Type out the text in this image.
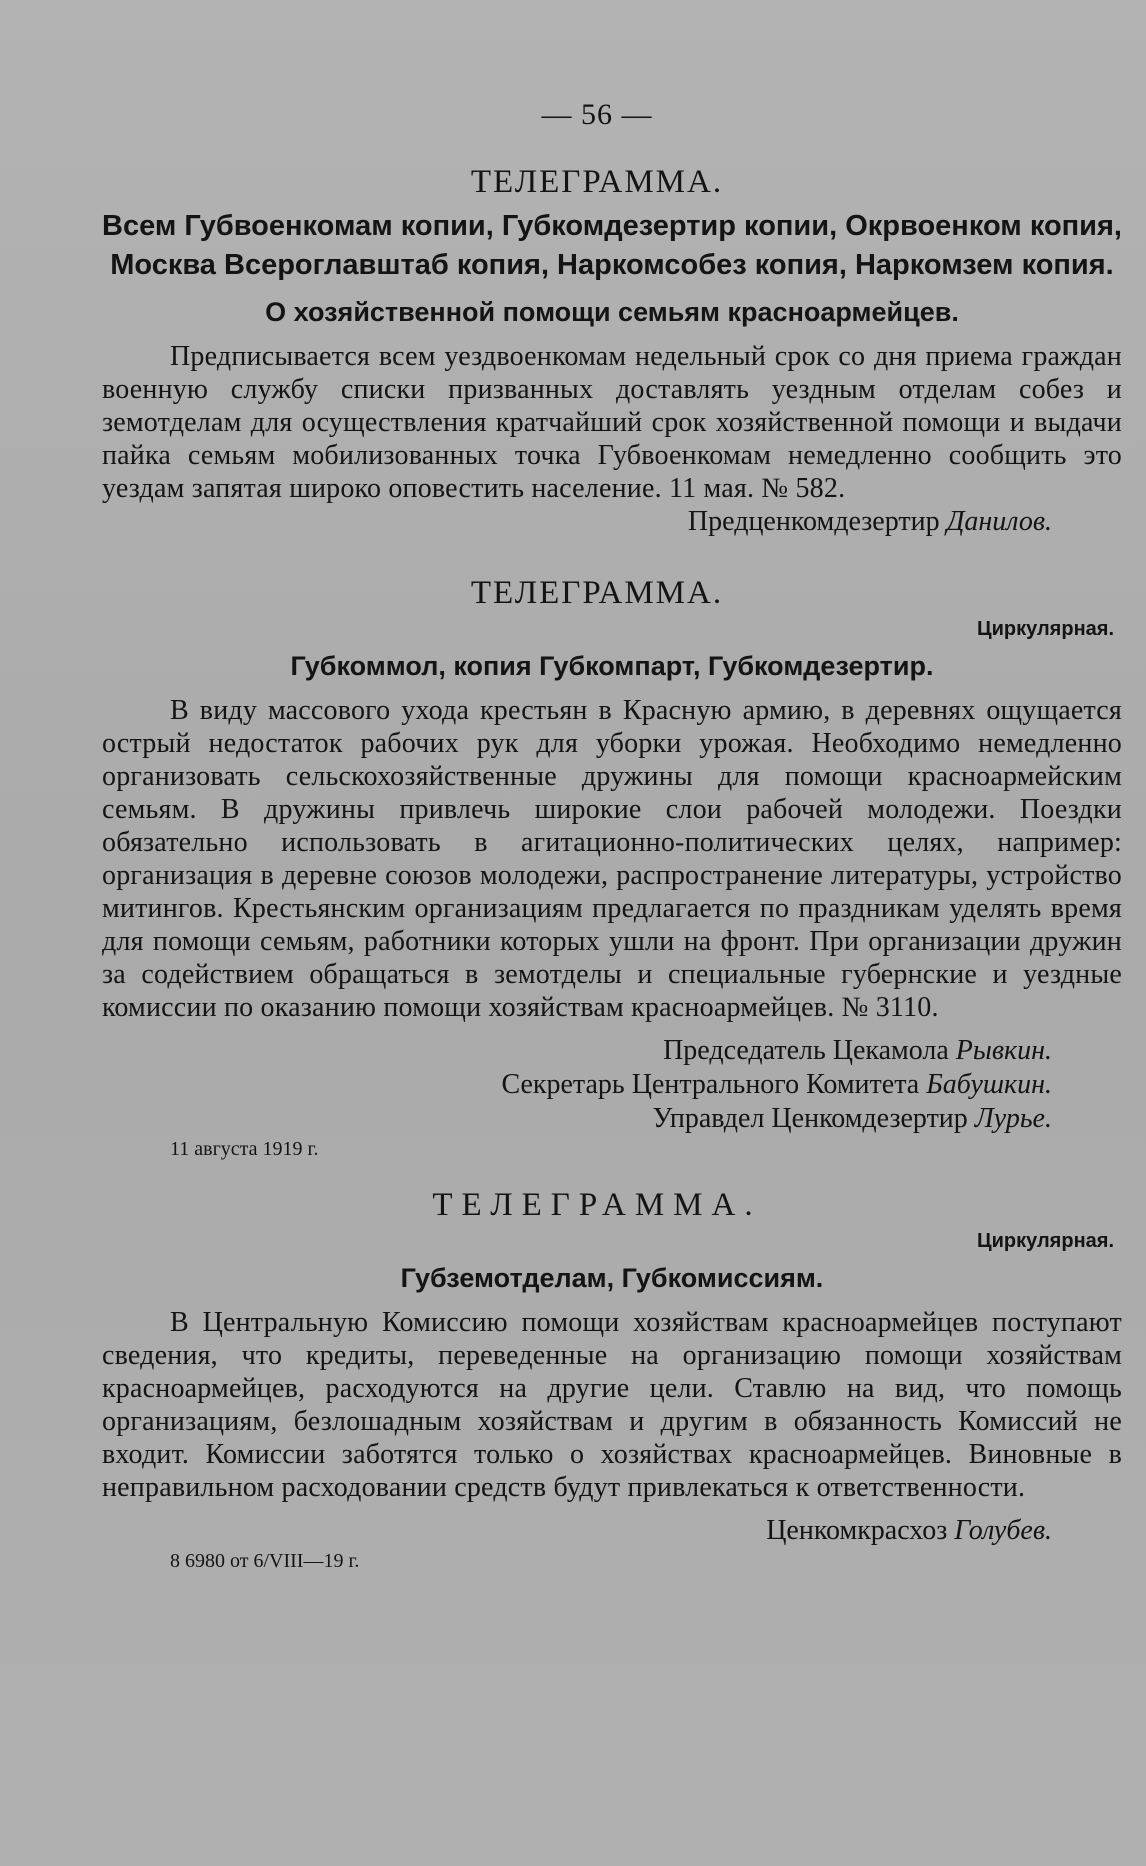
— 56 —
ТЕЛЕГРАММА.
Всем Губвоенкомам копии, Губкомдезертир копии, Окрвоенком копия, Москва Всероглавштаб копия, Наркомсобез копия, Наркомзем копия.
О хозяйственной помощи семьям красноармейцев.

Предписывается всем уездвоенкомам недельный срок со дня приема граждан военную службу списки призванных доставлять уездным отделам собез и земотделам для осуществления кратчайший срок хозяйственной помощи и выдачи пайка семьям мобилизованных точка Губвоенкомам немедленно сообщить это уездам запятая широко оповестить население. 11 мая. № 582.

Предценкомдезертир Данилов.

ТЕЛЕГРАММА.
Циркулярная.
Губкоммол, копия Губкомпарт, Губкомдезертир.

В виду массового ухода крестьян в Красную армию, в деревнях ощущается острый недостаток рабочих рук для уборки урожая. Необходимо немедленно организовать сельскохозяйственные дружины для помощи красноармейским семьям. В дружины привлечь широкие слои рабочей молодежи. Поездки обязательно использовать в агитационно-политических целях, например: организация в деревне союзов молодежи, распространение литературы, устройство митингов. Крестьянским организациям предлагается по праздникам уделять время для помощи семьям, работники которых ушли на фронт. При организации дружин за содействием обращаться в земотделы и специальные губернские и уездные комиссии по оказанию помощи хозяйствам красноармейцев. № 3110.

Председатель Цекамола Рывкин.

Секретарь Центрального Комитета Бабушкин.

Управдел Ценкомдезертир Лурье.

11 августа 1919 г.
ТЕЛЕГРАММА.
Циркулярная.
Губземотделам, Губкомиссиям.

В Центральную Комиссию помощи хозяйствам красноармейцев поступают сведения, что кредиты, переведенные на организацию помощи хозяйствам красноармейцев, расходуются на другие цели. Ставлю на вид, что помощь организациям, безлошадным хозяйствам и другим в обязанность Комиссий не входит. Комиссии заботятся только о хозяйствах красноармейцев. Виновные в неправильном расходовании средств будут привлекаться к ответственности.

Ценкомкрасхоз Голубев.

8 6980 от 6/VIII—19 г.
